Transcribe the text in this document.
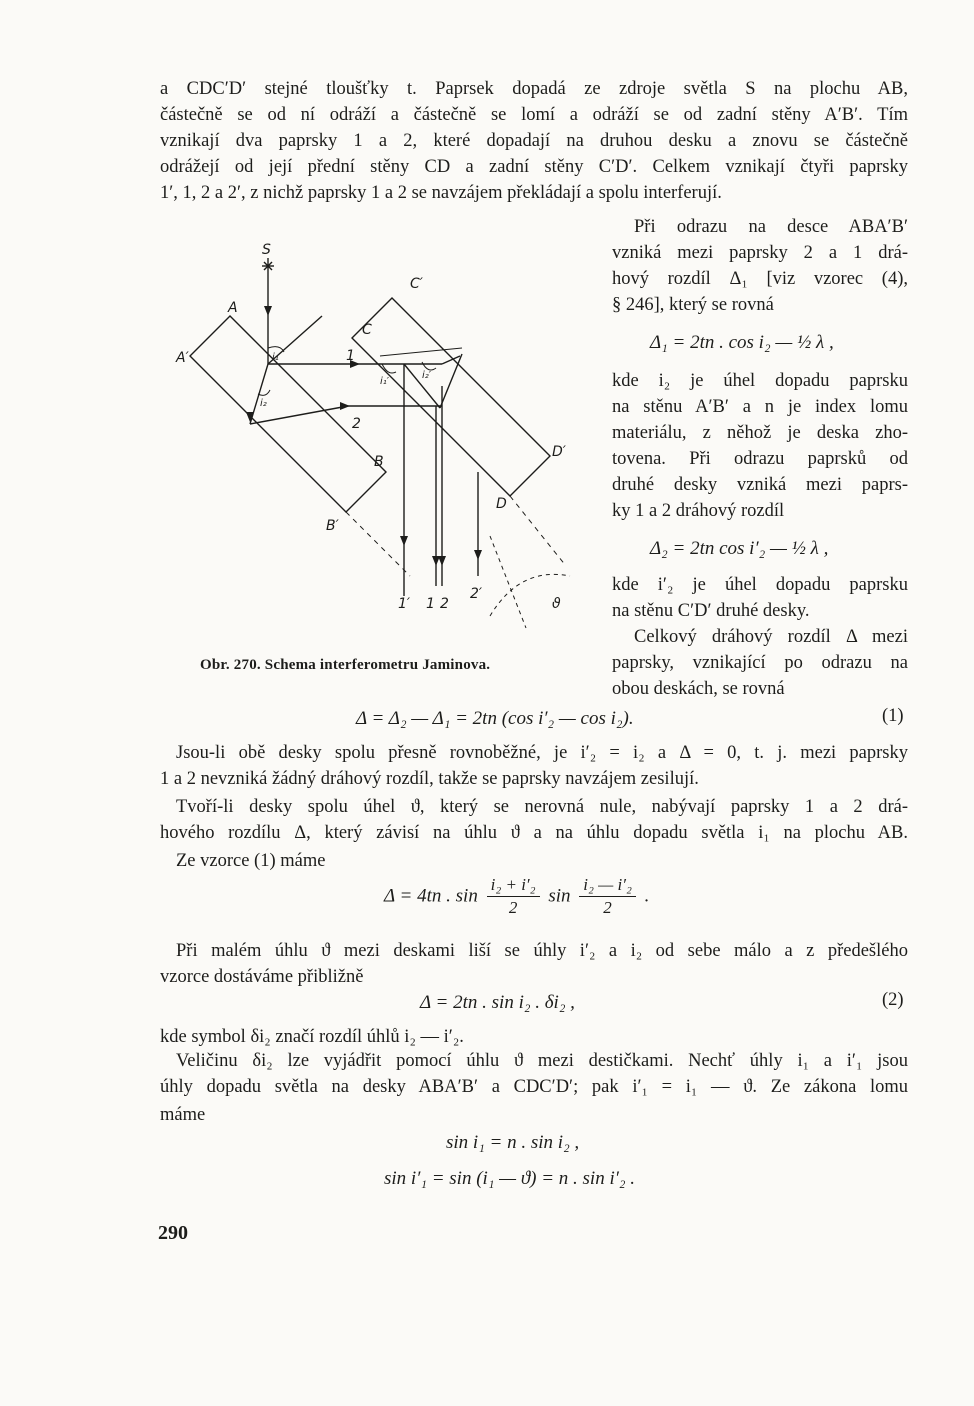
a CDC′D′ stejné tloušťky t. Paprsek dopadá ze zdroje světla S na plochu AB,
částečně se od ní odráží a částečně se lomí a odráží se od zadní stěny A′B′. Tím
vznikají dva paprsky 1 a 2, které dopadají na druhou desku a znovu se částečně
odrážejí od její přední stěny CD a zadní stěny C′D′. Celkem vznikají čtyři paprsky
1′, 1, 2 a 2′, z nichž paprsky 1 a 2 se navzájem překládají a spolu interferují.
Při odrazu na desce ABA′B′
vzniká mezi paprsky 2 a 1 drá-
hový rozdíl Δ₁ [viz vzorec (4),
§ 246], který se rovná
Δ₁ = 2tn . cos i₂ — ½ λ ,
kde i₂ je úhel dopadu paprsku
na stěnu A′B′ a n je index lomu
materiálu, z něhož je deska zho-
tovena. Při odrazu paprsků od
druhé desky vzniká mezi paprs-
ky 1 a 2 dráhový rozdíl
Δ₂ = 2tn cos i′₂ — ½ λ ,
kde i′₂ je úhel dopadu paprsku
na stěnu C′D′ druhé desky.
Celkový dráhový rozdíl Δ mezi
paprsky, vznikající po odrazu na
obou deskách, se rovná
S
A
A′
B
B′
C
C′
D
D′
1
2
1′ 1 2
2′
ϑ
i₁
i₂
i₁′
i₂′
Obr. 270. Schema interferometru Jaminova.
Δ = Δ₂ — Δ₁ = 2tn (cos i′₂ — cos i₂).	(1)
Jsou-li obě desky spolu přesně rovnoběžné, je i′₂ = i₂ a Δ = 0, t. j. mezi paprsky
1 a 2 nevzniká žádný dráhový rozdíl, takže se paprsky navzájem zesilují.
Tvoří-li desky spolu úhel ϑ, který se nerovná nule, nabývají paprsky 1 a 2 drá-
hového rozdílu Δ, který závisí na úhlu ϑ a na úhlu dopadu světla i₁ na plochu AB.
Ze vzorce (1) máme
Δ = 4tn . $\sin \frac{\text{i₂ + i′₂}}{2}$ $\sin \frac{\text{i₂ — i′₂}}{2}$ .
Při malém úhlu ϑ mezi deskami liší se úhly i′₂ a i₂ od sebe málo a z předešlého
vzorce dostáváme přibližně
Δ = 2tn . sin i₂ . δi₂ ,	(2)
kde symbol δi₂ značí rozdíl úhlů i₂ — i′₂.
Veličinu δi₂ lze vyjádřit pomocí úhlu ϑ mezi destičkami. Nechť úhly i₁ a i′₁ jsou
úhly dopadu světla na desky ABA′B′ a CDC′D′; pak i′₁ = i₁ — ϑ. Ze zákona lomu
máme
sin i₁ = n . sin i₂ ,
sin i′₁ = sin (i₁ — ϑ) = n . sin i′₂ .
290
